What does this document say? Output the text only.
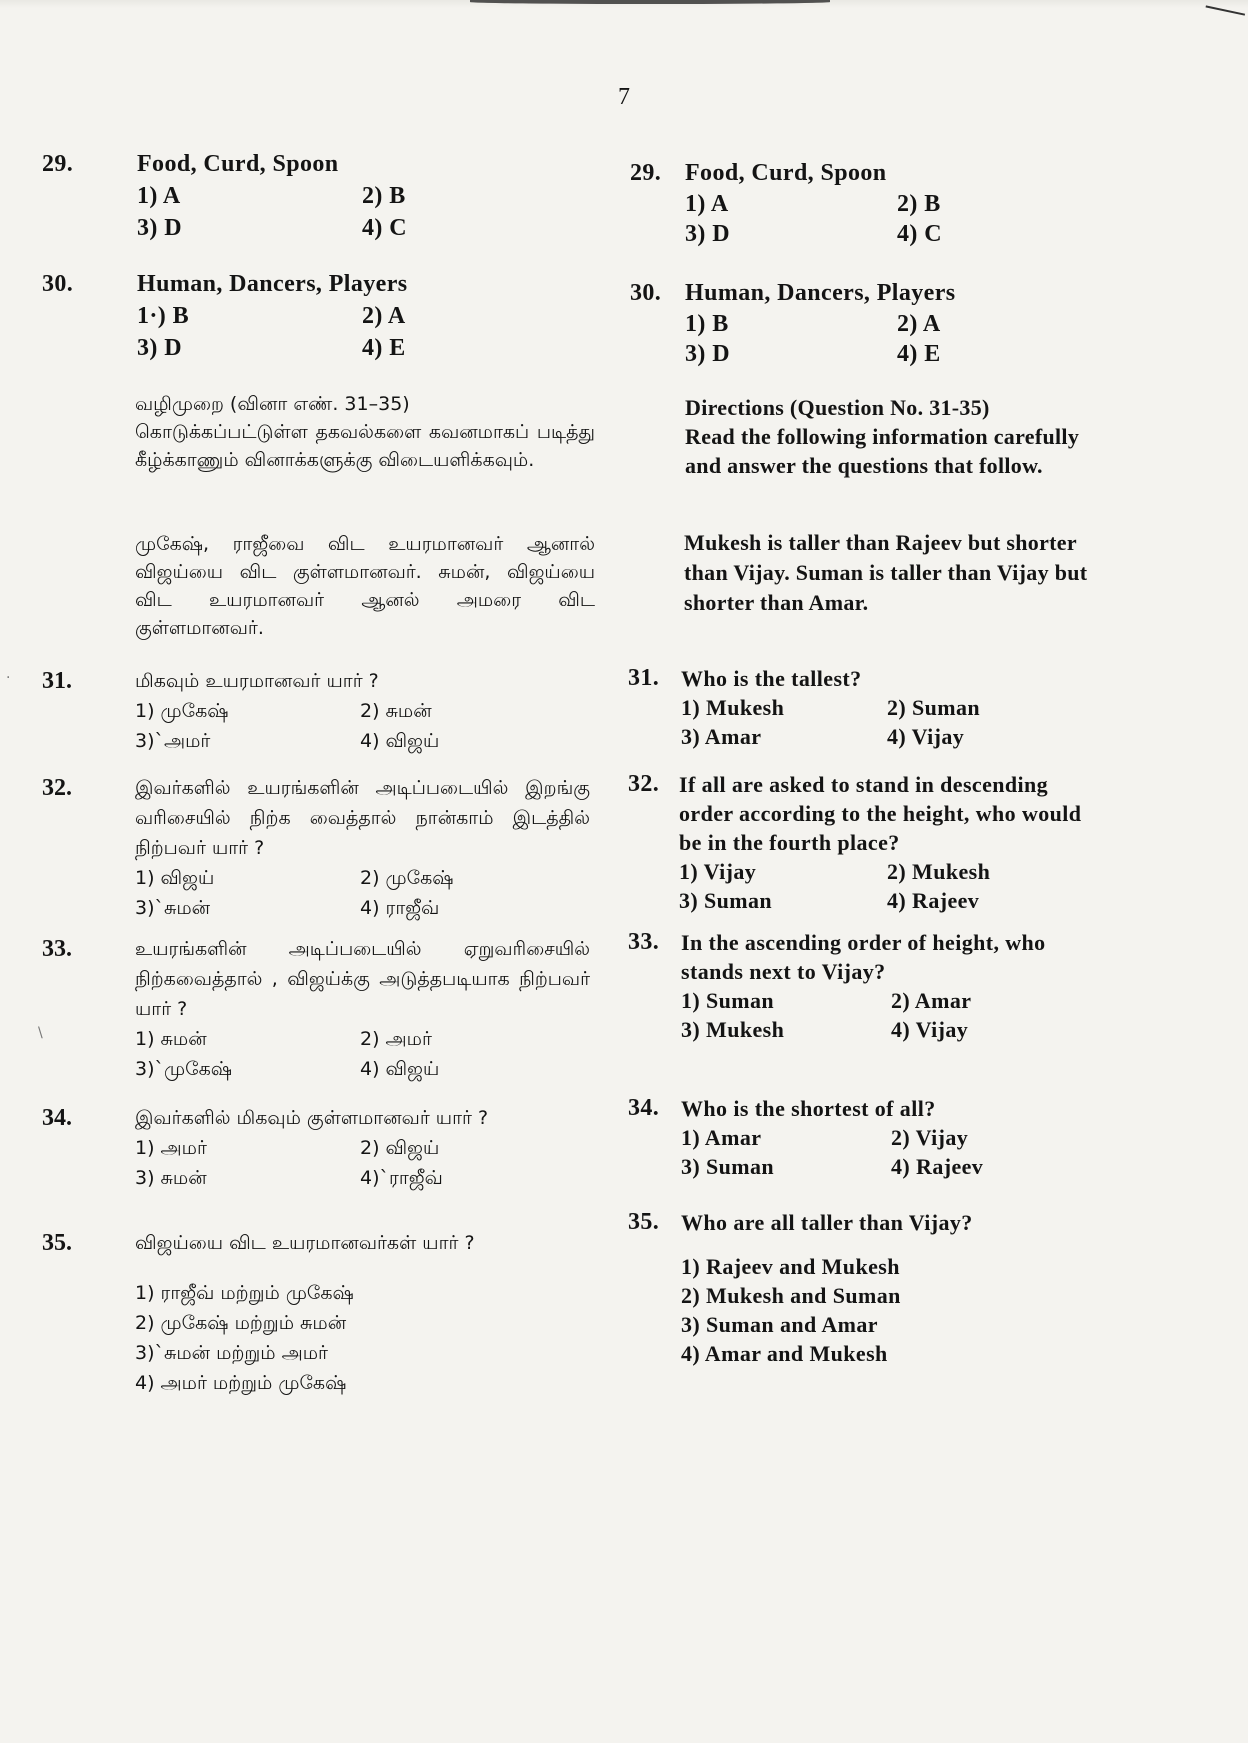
7
29.	Food, Curd, Spoon
1) A	2) B
3) D	4) C
30.	Human, Dancers, Players
1·) B	2) A
3) D	4) E
வழிமுறை (வினா எண். 31–35)
கொடுக்கப்பட்டுள்ள தகவல்களை கவனமாகப் படித்து கீழ்க்காணும் வினாக்களுக்கு விடையளிக்கவும்.
முகேஷ், ராஜீவை விட உயரமானவர் ஆனால் விஜய்யை விட குள்ளமானவர். சுமன், விஜய்யை விட உயரமானவர் ஆனல் அமரை விட குள்ளமானவர்.
31.	மிகவும் உயரமானவர் யார் ?
1) முகேஷ்	2) சுமன்
3)`அமர்	4) விஜய்
32.	இவர்களில் உயரங்களின் அடிப்படையில் இறங்கு வரிசையில் நிற்க வைத்தால் நான்காம் இடத்தில் நிற்பவர் யார் ?
1) விஜய்	2) முகேஷ்
3)`சுமன்	4) ராஜீவ்
33.	உயரங்களின் அடிப்படையில் ஏறுவரிசையில் நிற்கவைத்தால் , விஜய்க்கு அடுத்தபடியாக நிற்பவர் யார் ?
1) சுமன்	2) அமர்
3)`முகேஷ்	4) விஜய்
34.	இவர்களில் மிகவும் குள்ளமானவர் யார் ?
1) அமர்	2) விஜய்
3) சுமன்	4)`ராஜீவ்
35.	விஜய்யை விட உயரமானவர்கள் யார் ?
1) ராஜீவ் மற்றும் முகேஷ்
2) முகேஷ் மற்றும் சுமன்
3)`சுமன் மற்றும் அமர்
4) அமர் மற்றும் முகேஷ்
29. Food, Curd, Spoon
1) A	2) B
3) D	4) C
30. Human, Dancers, Players
1) B	2) A
3) D	4) E
Directions (Question No. 31-35)
Read the following information carefully and answer the questions that follow.
Mukesh is taller than Rajeev but shorter than Vijay. Suman is taller than Vijay but shorter than Amar.
31. Who is the tallest?
1) Mukesh	2) Suman
3) Amar	4) Vijay
32. If all are asked to stand in descending order according to the height, who would be in the fourth place?
1) Vijay	2) Mukesh
3) Suman	4) Rajeev
33. In the ascending order of height, who stands next to Vijay?
1) Suman	2) Amar
3) Mukesh	4) Vijay
34. Who is the shortest of all?
1) Amar	2) Vijay
3) Suman	4) Rajeev
35. Who are all taller than Vijay?
1) Rajeev and Mukesh
2) Mukesh and Suman
3) Suman and Amar
4) Amar and Mukesh
\
·
